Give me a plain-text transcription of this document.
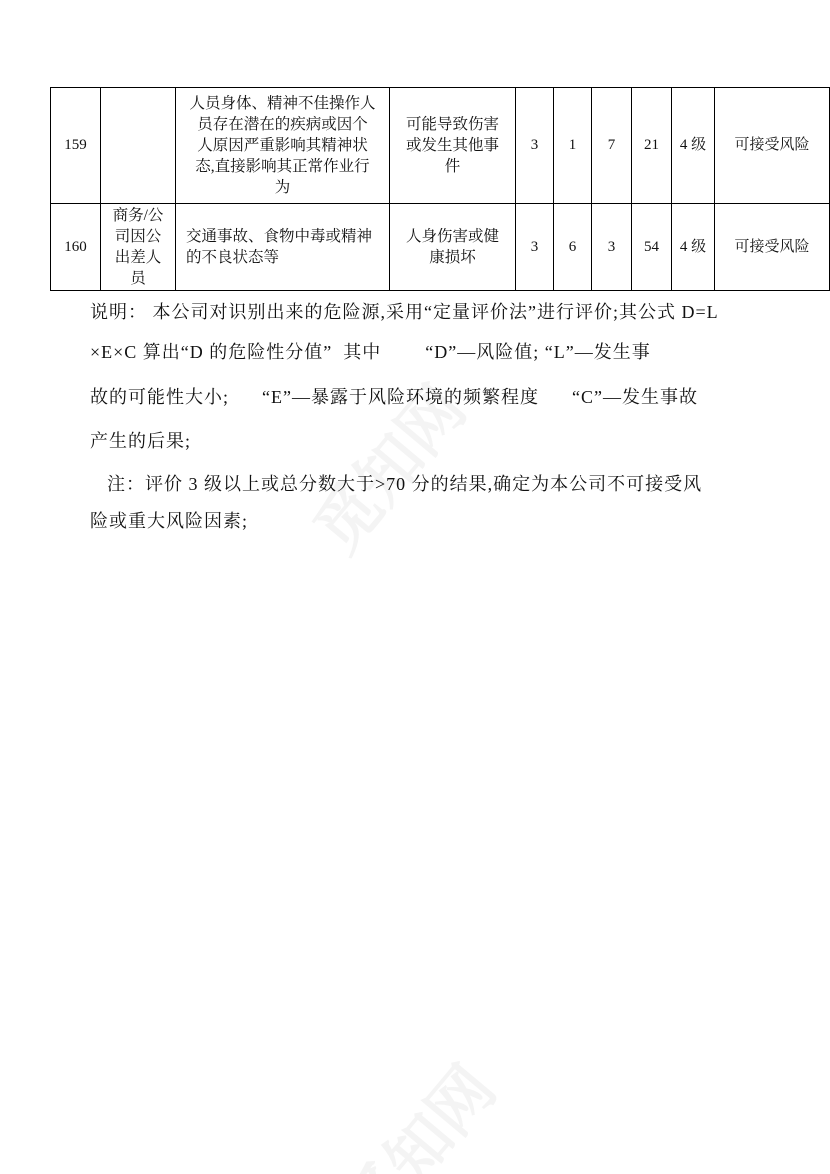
159		人员身体、精神不佳操作人
员存在潜在的疾病或因个
人原因严重影响其精神状
态,直接影响其正常作业行
为	可能导致伤害
或发生其他事
件	3	1	7	21	4 级	可接受风险
160	商务/公
司因公
出差人
员	交通事故、食物中毒或精神
的不良状态等	人身伤害或健
康损坏	3	6	3	54	4 级	可接受风险
说明： 本公司对识别出来的危险源,采用“定量评价法”进行评价;其公式 D=L
×E×C 算出“D 的危险性分值”  其中        “D”—风险值; “L”—发生事
故的可能性大小;      “E”—暴露于风险环境的频繁程度      “C”—发生事故
产生的后果;
注：评价 3 级以上或总分数大于>70 分的结果,确定为本公司不可接受风
险或重大风险因素;
